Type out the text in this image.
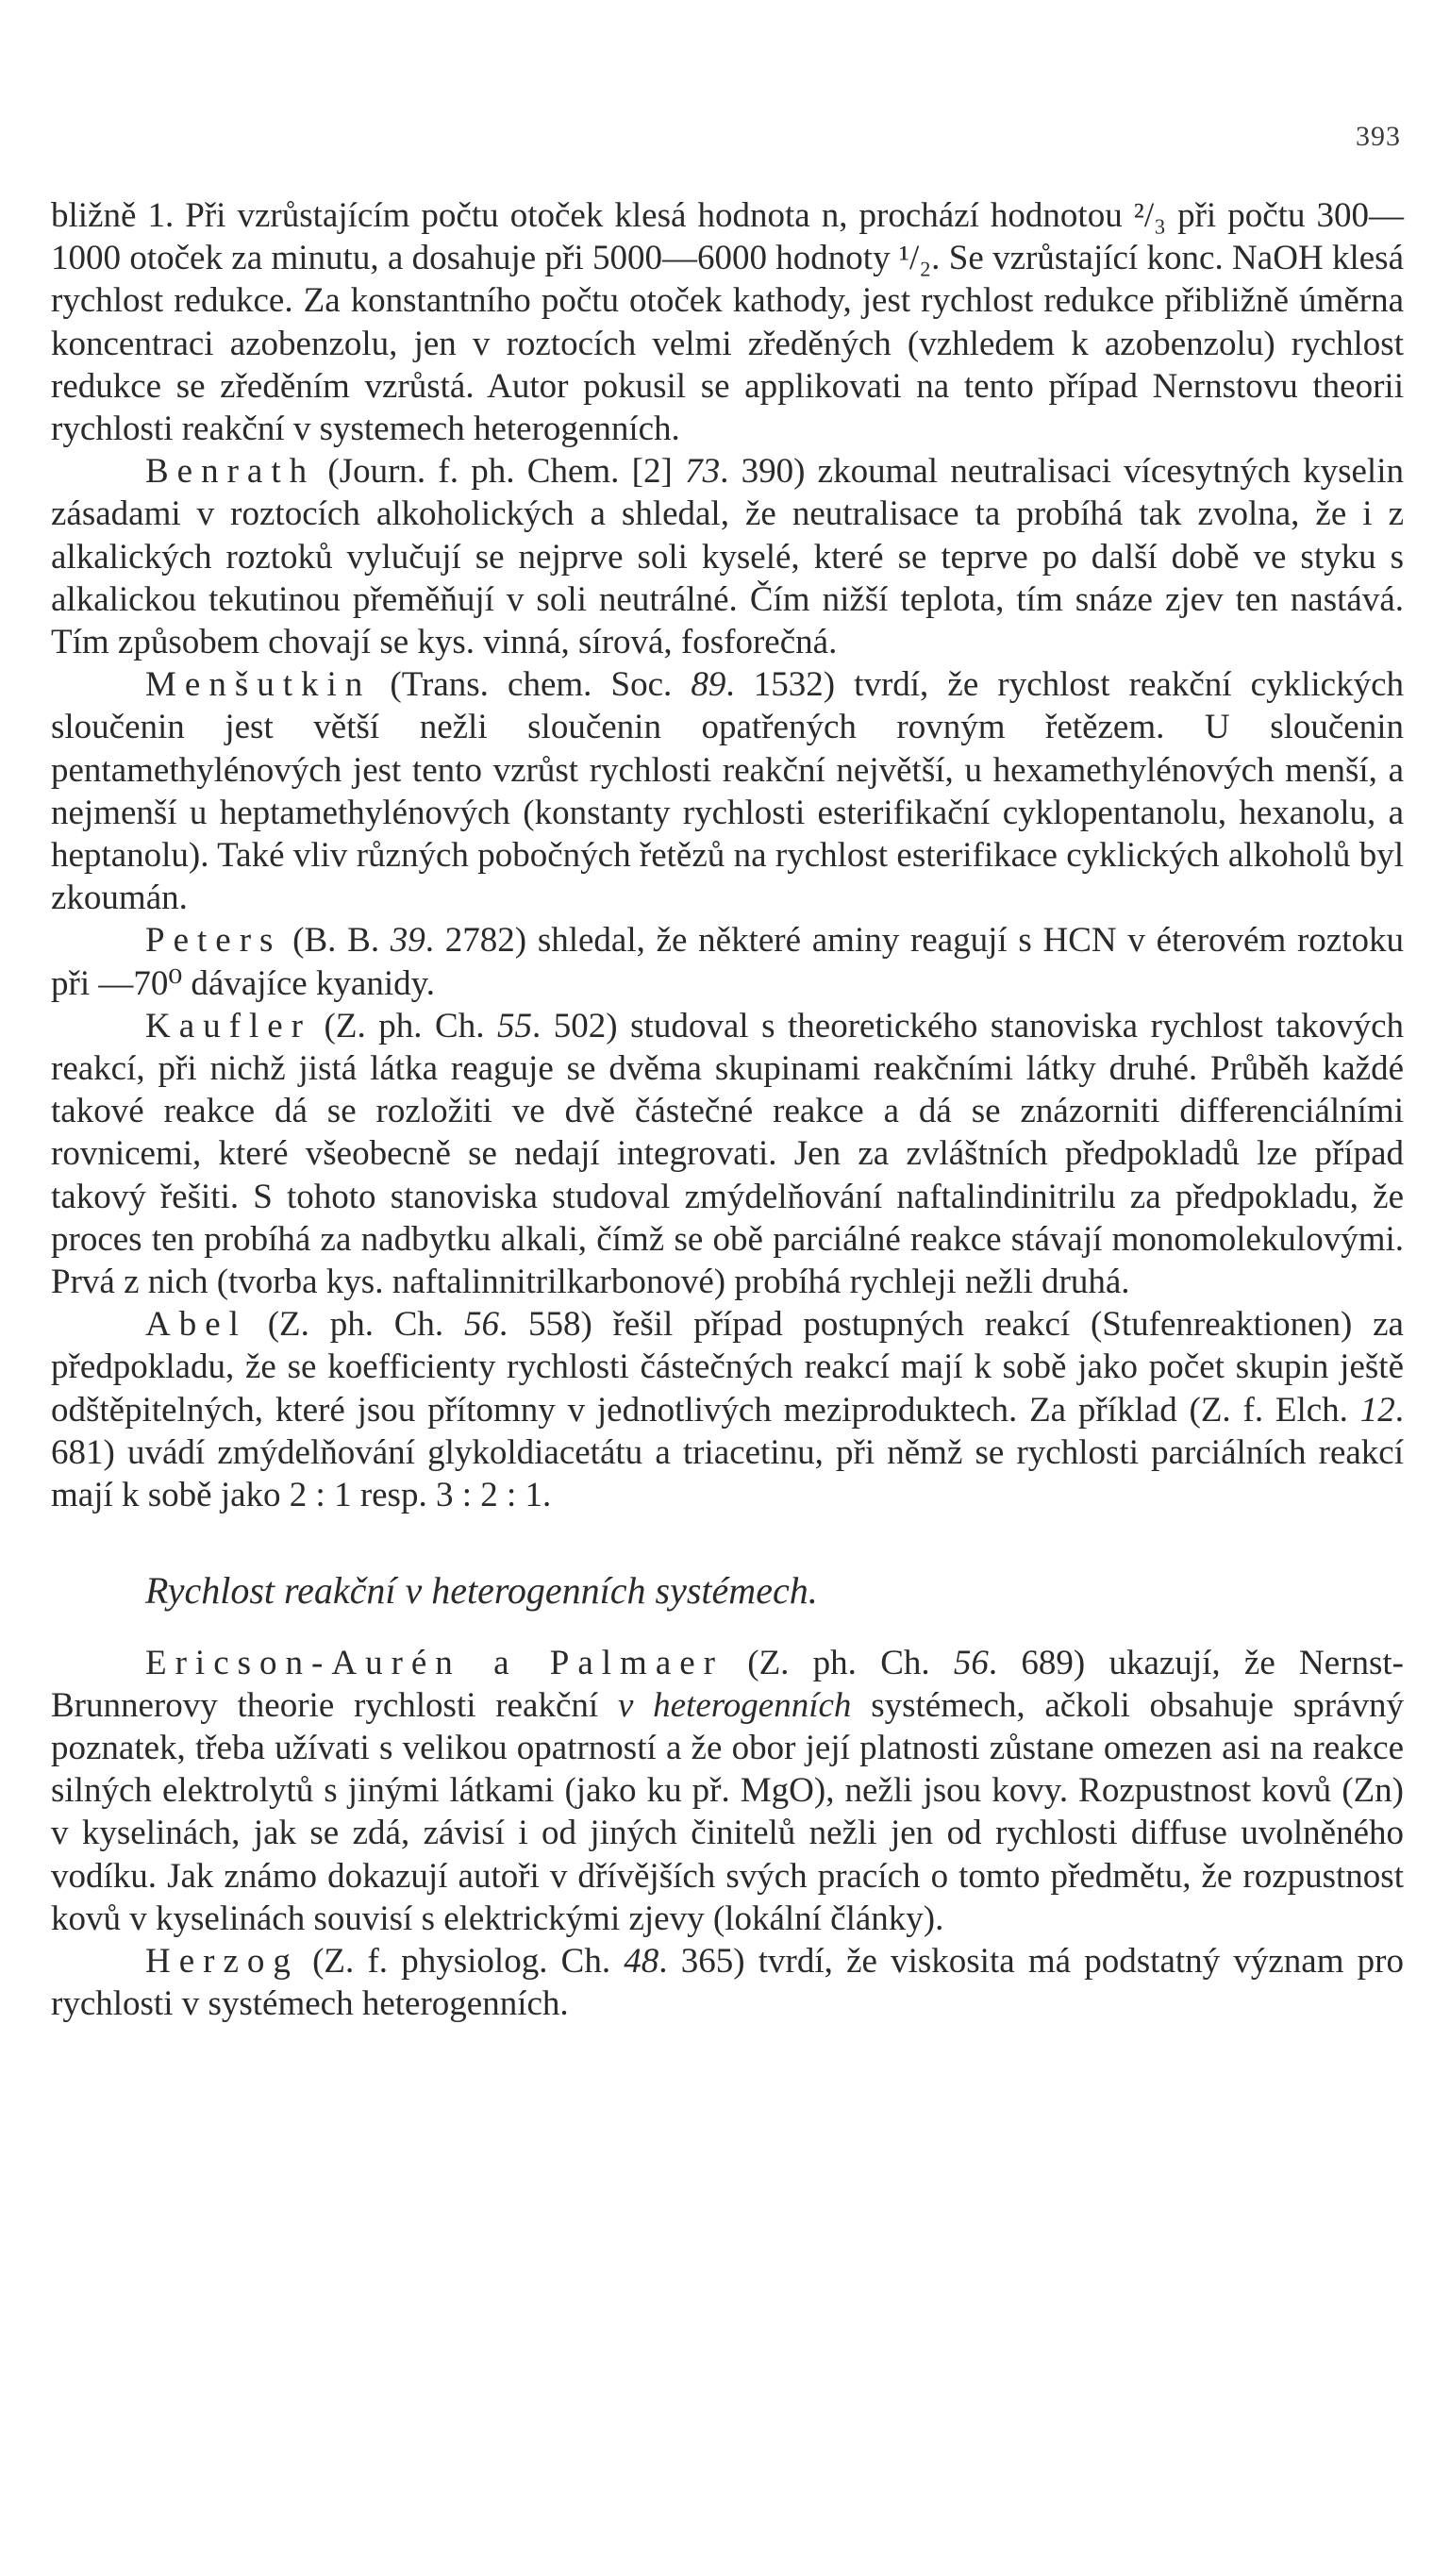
393

bližně 1. Při vzrůstajícím počtu otoček klesá hodnota n, prochází hodnotou ²/₃ při počtu 300—1000 otoček za minutu, a dosahuje při 5000—6000 hodnoty ¹/₂. Se vzrůstající konc. NaOH klesá rychlost redukce. Za konstantního počtu otoček kathody, jest rychlost redukce přibližně úměrna koncentraci azobenzolu, jen v roztocích velmi zředěných (vzhledem k azobenzolu) rychlost redukce se zředěním vzrůstá. Autor pokusil se applikovati na tento případ Nernstovu theorii rychlosti reakční v systemech heterogenních.

Benrath (Journ. f. ph. Chem. [2] 73. 390) zkoumal neutralisaci vícesytných kyselin zásadami v roztocích alkoholických a shledal, že neutralisace ta probíhá tak zvolna, že i z alkalických roztoků vylučují se nejprve soli kyselé, které se teprve po další době ve styku s alkalickou tekutinou přeměňují v soli neutrálné. Čím nižší teplota, tím snáze zjev ten nastává. Tím způsobem chovají se kys. vinná, sírová, fosforečná.

Menšutkin (Trans. chem. Soc. 89. 1532) tvrdí, že rychlost reakční cyklických sloučenin jest větší nežli sloučenin opatřených rovným řetězem. U sloučenin pentamethylénových jest tento vzrůst rychlosti reakční největší, u hexamethylénových menší, a nejmenší u heptamethylénových (konstanty rychlosti esterifikační cyklopentanolu, hexanolu, a heptanolu). Také vliv různých pobočných řetězů na rychlost esterifikace cyklických alkoholů byl zkoumán.

Peters (B. B. 39. 2782) shledal, že některé aminy reagují s HCN v éterovém roztoku při —70⁰ dávajíce kyanidy.

Kaufler (Z. ph. Ch. 55. 502) studoval s theoretického stanoviska rychlost takových reakcí, při nichž jistá látka reaguje se dvěma skupinami reakčními látky druhé. Průběh každé takové reakce dá se rozložiti ve dvě částečné reakce a dá se znázorniti differenciálními rovnicemi, které všeobecně se nedají integrovati. Jen za zvláštních předpokladů lze případ takový řešiti. S tohoto stanoviska studoval zmýdelňování naftalindinitrilu za předpokladu, že proces ten probíhá za nadbytku alkali, čímž se obě parciálné reakce stávají monomolekulovými. Prvá z nich (tvorba kys. naftalinnitrilkarbonové) probíhá rychleji nežli druhá.

Abel (Z. ph. Ch. 56. 558) řešil případ postupných reakcí (Stufenreaktionen) za předpokladu, že se koefficienty rychlosti částečných reakcí mají k sobě jako počet skupin ještě odštěpitelných, které jsou přítomny v jednotlivých meziproduktech. Za příklad (Z. f. Elch. 12. 681) uvádí zmýdelňování glykoldiacetátu a triacetinu, při němž se rychlosti parciálních reakcí mají k sobě jako 2 : 1 resp. 3 : 2 : 1.

Rychlost reakční v heterogenních systémech.

Ericson-Aurén a Palmaer (Z. ph. Ch. 56. 689) ukazují, že Nernst-Brunnerovy theorie rychlosti reakční v heterogenních systémech, ačkoli obsahuje správný poznatek, třeba užívati s velikou opatrností a že obor její platnosti zůstane omezen asi na reakce silných elektrolytů s jinými látkami (jako ku př. MgO), nežli jsou kovy. Rozpustnost kovů (Zn) v kyselinách, jak se zdá, závisí i od jiných činitelů nežli jen od rychlosti diffuse uvolněného vodíku. Jak známo dokazují autoři v dřívějších svých pracích o tomto předmětu, že rozpustnost kovů v kyselinách souvisí s elektrickými zjevy (lokální články).

Herzog (Z. f. physiolog. Ch. 48. 365) tvrdí, že viskosita má podstatný význam pro rychlosti v systémech heterogenních.
